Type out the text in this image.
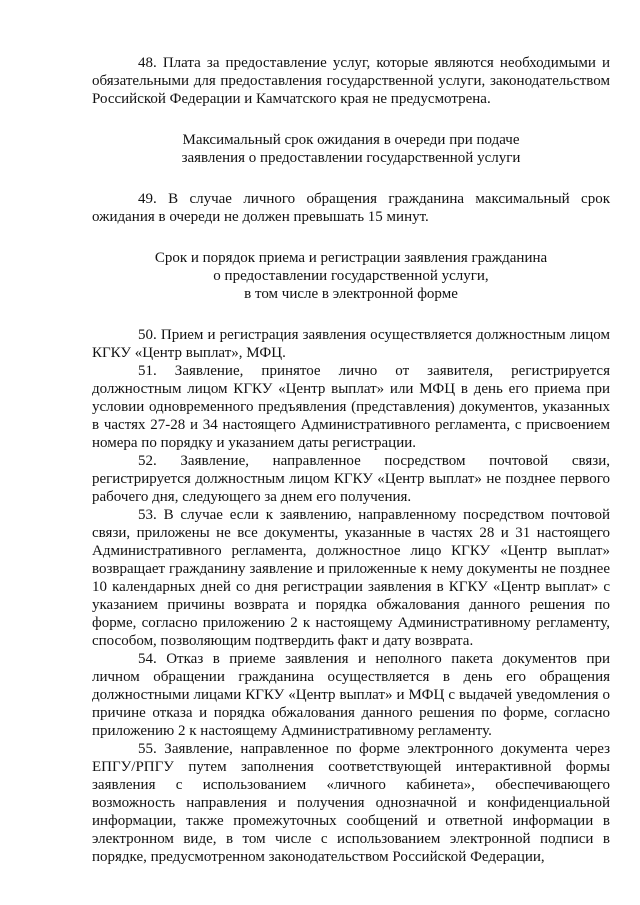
48. Плата за предоставление услуг, которые являются необходимыми и обязательными для предоставления государственной услуги, законодательством Российской Федерации и Камчатского края не предусмотрена.

Максимальный срок ожидания в очереди при подаче
заявления о предоставлении государственной услуги

49. В случае личного обращения гражданина максимальный срок ожидания в очереди не должен превышать 15 минут.

Срок и порядок приема и регистрации заявления гражданина
о предоставлении государственной услуги,
в том числе в электронной форме

50. Прием и регистрация заявления осуществляется должностным лицом КГКУ «Центр выплат», МФЦ.

51. Заявление, принятое лично от заявителя, регистрируется должностным лицом КГКУ «Центр выплат» или МФЦ в день его приема при условии одновременного предъявления (представления) документов, указанных в частях 27-28 и 34 настоящего Административного регламента, с присвоением номера по порядку и указанием даты регистрации.

52. Заявление, направленное посредством почтовой связи, регистрируется должностным лицом КГКУ «Центр выплат» не позднее первого рабочего дня, следующего за днем его получения.

53. В случае если к заявлению, направленному посредством почтовой связи, приложены не все документы, указанные в частях 28 и 31 настоящего Административного регламента, должностное лицо КГКУ «Центр выплат» возвращает гражданину заявление и приложенные к нему документы не позднее 10 календарных дней со дня регистрации заявления в КГКУ «Центр выплат» с указанием причины возврата и порядка обжалования данного решения по форме, согласно приложению 2 к настоящему Административному регламенту, способом, позволяющим подтвердить факт и дату возврата.

54. Отказ в приеме заявления и неполного пакета документов при личном обращении гражданина осуществляется в день его обращения должностными лицами КГКУ «Центр выплат» и МФЦ с выдачей уведомления о причине отказа и порядка обжалования данного решения по форме, согласно приложению 2 к настоящему Административному регламенту.

55. Заявление, направленное по форме электронного документа через ЕПГУ/РПГУ путем заполнения соответствующей интерактивной формы заявления с использованием «личного кабинета», обеспечивающего возможность направления и получения однозначной и конфиденциальной информации, также промежуточных сообщений и ответной информации в электронном виде, в том числе с использованием электронной подписи в порядке, предусмотренном законодательством Российской Федерации,
